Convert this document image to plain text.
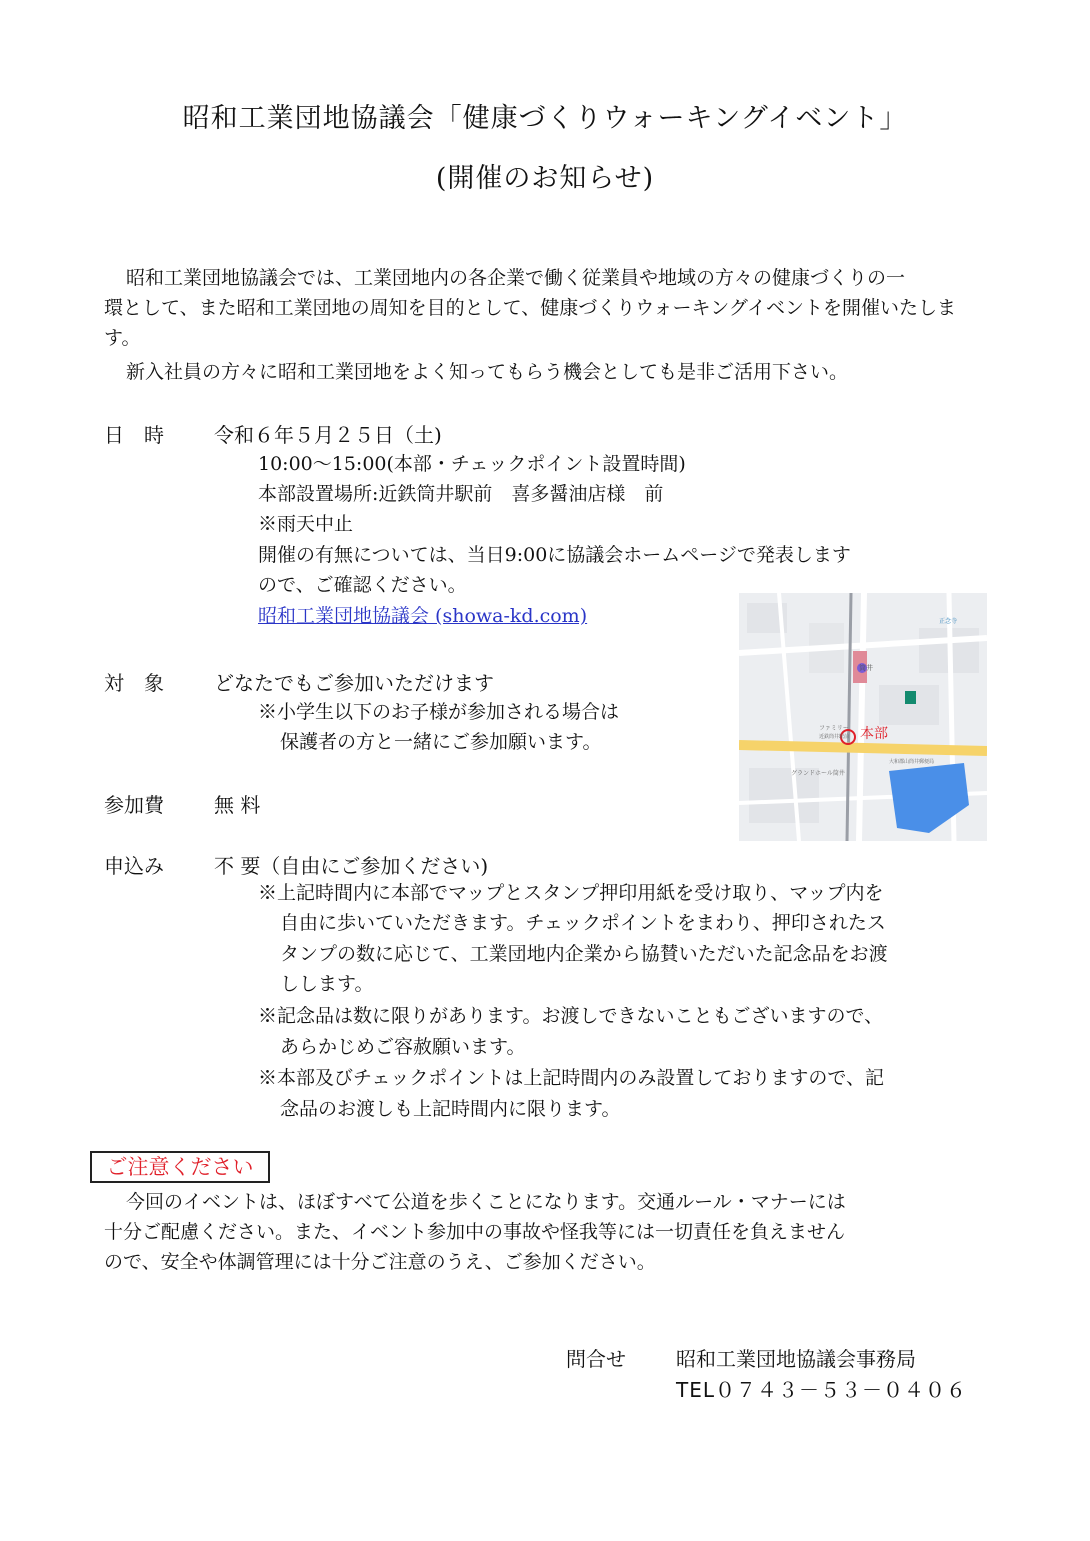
昭和工業団地協議会「健康づくりウォーキングイベント」
(開催のお知らせ)
昭和工業団地協議会では、工業団地内の各企業で働く従業員や地域の方々の健康づくりの一
環として、また昭和工業団地の周知を目的として、健康づくりウォーキングイベントを開催いたしま
す。
新入社員の方々に昭和工業団地をよく知ってもらう機会としても是非ご活用下さい。
日　時	令和６年５月２５日（土)
10:00～15:00(本部・チェックポイント設置時間)
本部設置場所:近鉄筒井駅前　喜多醤油店様　前
※雨天中止
開催の有無については、当日9:00に協議会ホームページで発表します
ので、ご確認ください。
昭和工業団地協議会 (showa-kd.com)
本部
筒井
ファミリー
近鉄筒井駅前
グランドホール筒井
大和郡山筒井郵便局
正念寺
対　象	どなたでもご参加いただけます
※小学生以下のお子様が参加される場合は
保護者の方と一緒にご参加願います。
参加費	無 料
申込み	不 要（自由にご参加ください)
※上記時間内に本部でマップとスタンプ押印用紙を受け取り、マップ内を
自由に歩いていただきます。チェックポイントをまわり、押印されたス
タンプの数に応じて、工業団地内企業から協賛いただいた記念品をお渡
しします。
※記念品は数に限りがあります。お渡しできないこともございますので、
あらかじめご容赦願います。
※本部及びチェックポイントは上記時間内のみ設置しておりますので、記
念品のお渡しも上記時間内に限ります。
ご注意ください
今回のイベントは、ほぼすべて公道を歩くことになります。交通ルール・マナーには
十分ご配慮ください。また、イベント参加中の事故や怪我等には一切責任を負えません
ので、安全や体調管理には十分ご注意のうえ、ご参加ください。
問合せ	昭和工業団地協議会事務局
TEL０７４３－５３－０４０６
